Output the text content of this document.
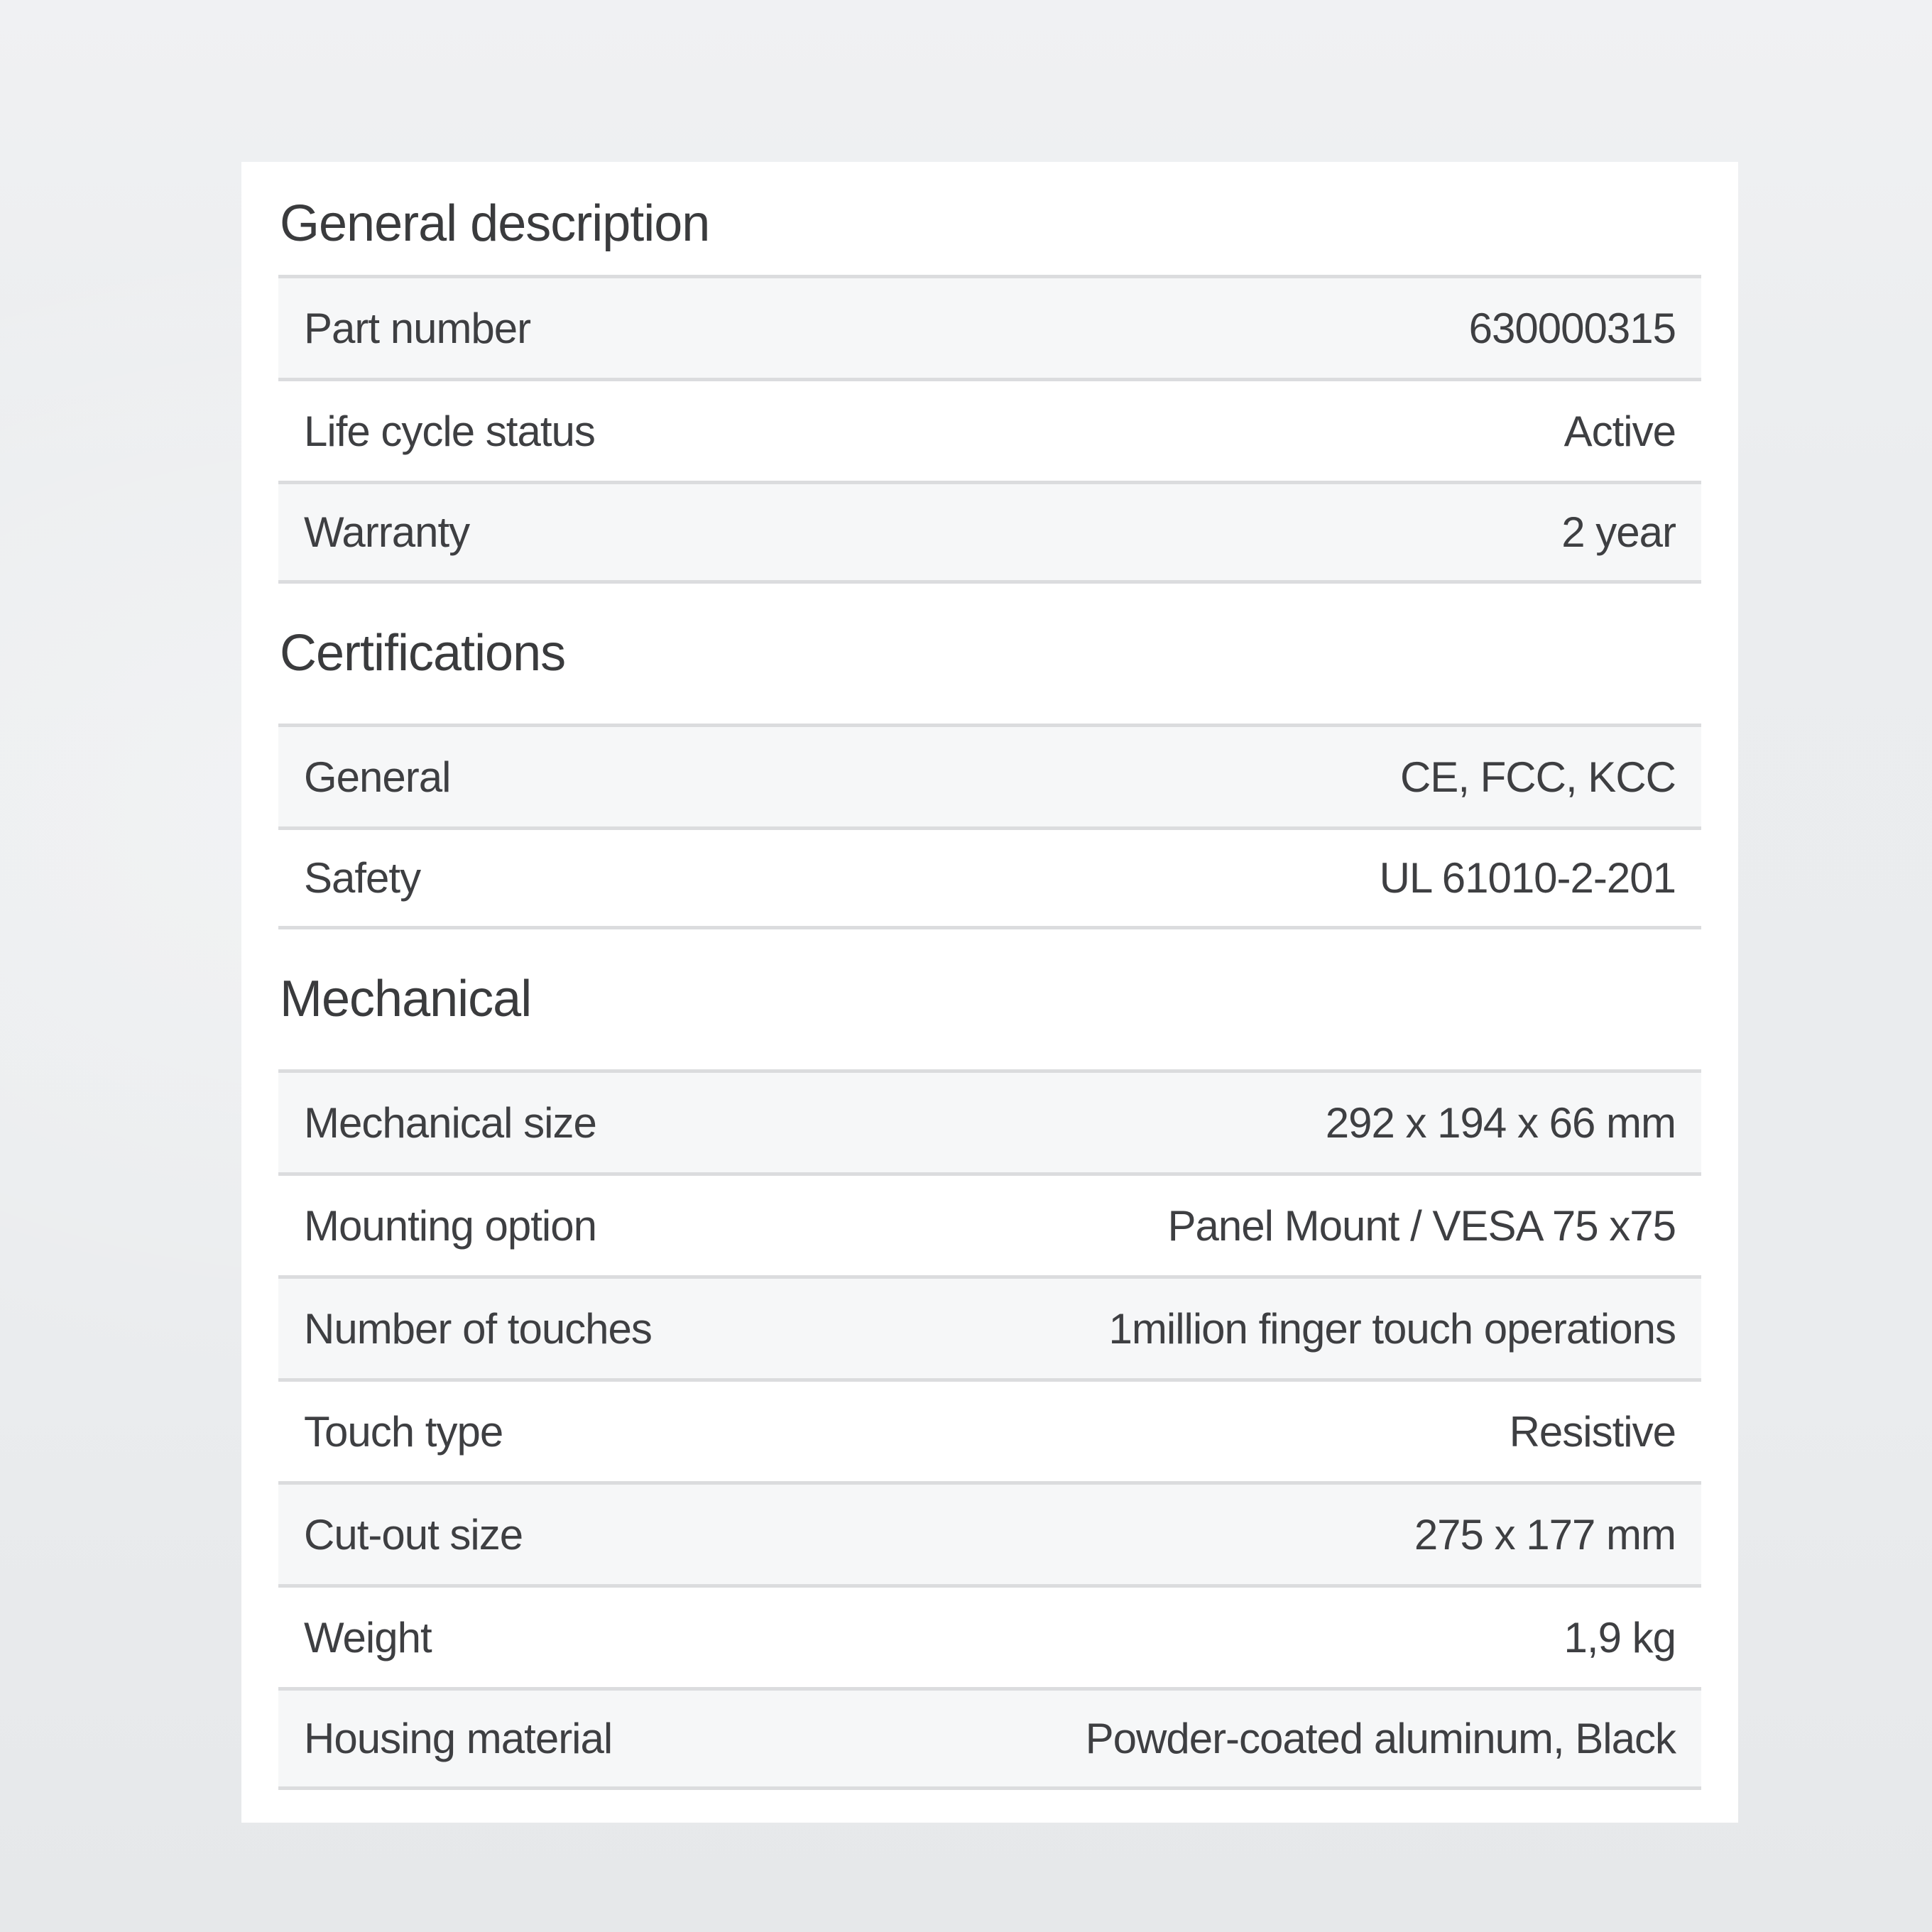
General description
Part number	630000315
Life cycle status	Active
Warranty	2 year
Certifications
General	CE, FCC, KCC
Safety	UL 61010-2-201
Mechanical
Mechanical size	292 x 194 x 66 mm
Mounting option	Panel Mount / VESA 75 x75
Number of touches	1million finger touch operations
Touch type	Resistive
Cut-out size	275 x 177 mm
Weight	1,9 kg
Housing material	Powder-coated aluminum, Black
